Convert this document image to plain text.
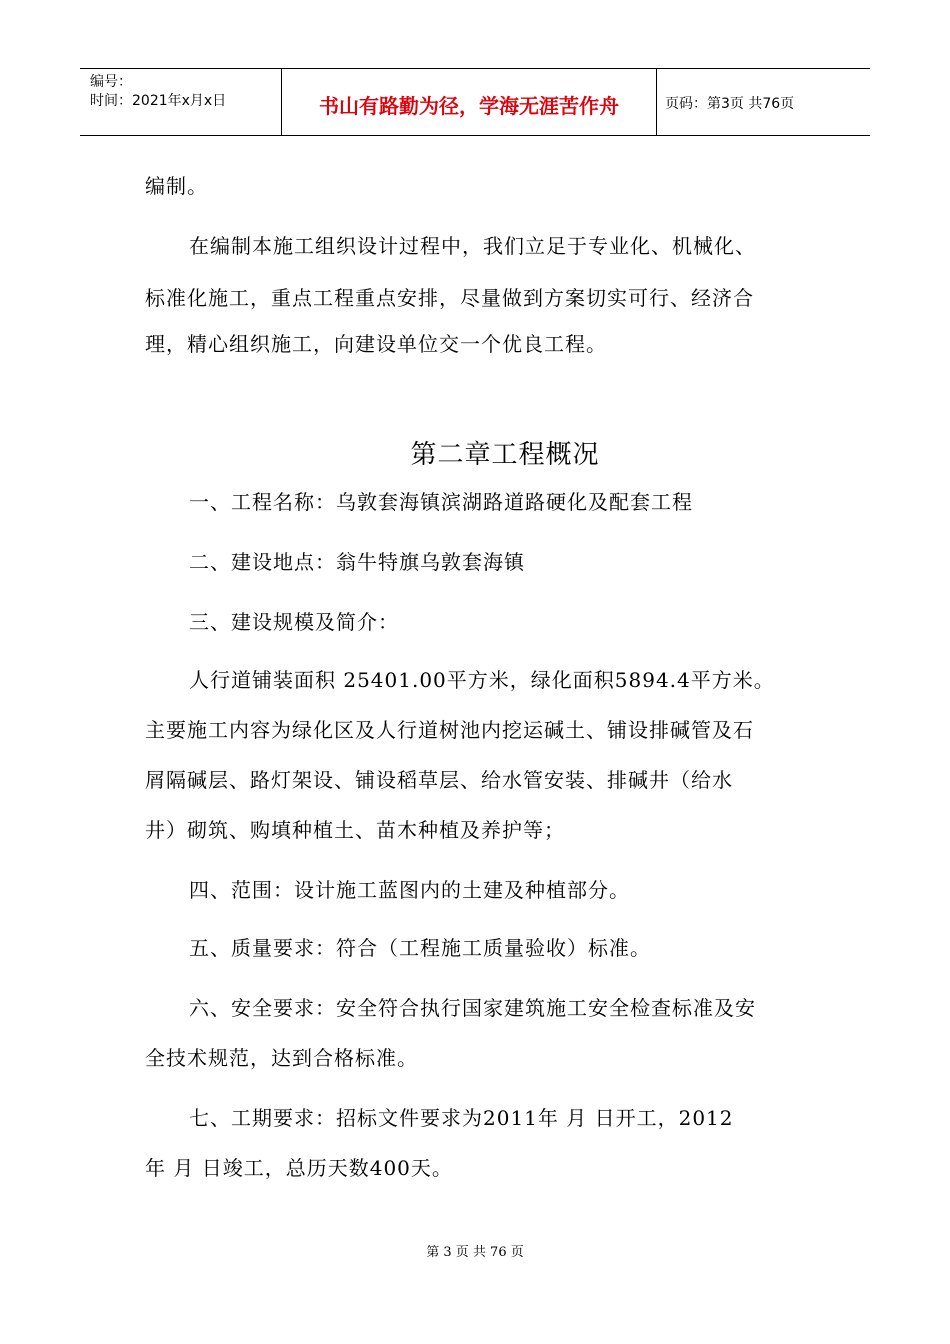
编号：
时间：2021年x月x日	书山有路勤为径，学海无涯苦作舟	页码：第3页 共76页
编制。
在编制本施工组织设计过程中，我们立足于专业化、机械化、
标准化施工，重点工程重点安排，尽量做到方案切实可行、经济合
理，精心组织施工，向建设单位交一个优良工程。
第二章工程概况
一、工程名称：乌敦套海镇滨湖路道路硬化及配套工程
二、建设地点：翁牛特旗乌敦套海镇
三、建设规模及简介：
人行道铺装面积 25401.00平方米，绿化面积5894.4平方米。
主要施工内容为绿化区及人行道树池内挖运碱土、铺设排碱管及石
屑隔碱层、路灯架设、铺设稻草层、给水管安装、排碱井（给水
井）砌筑、购填种植土、苗木种植及养护等；
四、范围：设计施工蓝图内的土建及种植部分。
五、质量要求：符合（工程施工质量验收）标准。
六、安全要求：安全符合执行国家建筑施工安全检查标准及安
全技术规范，达到合格标准。
七、工期要求：招标文件要求为2011年 月 日开工，2012
年 月 日竣工，总历天数400天。
第 3 页 共 76 页
